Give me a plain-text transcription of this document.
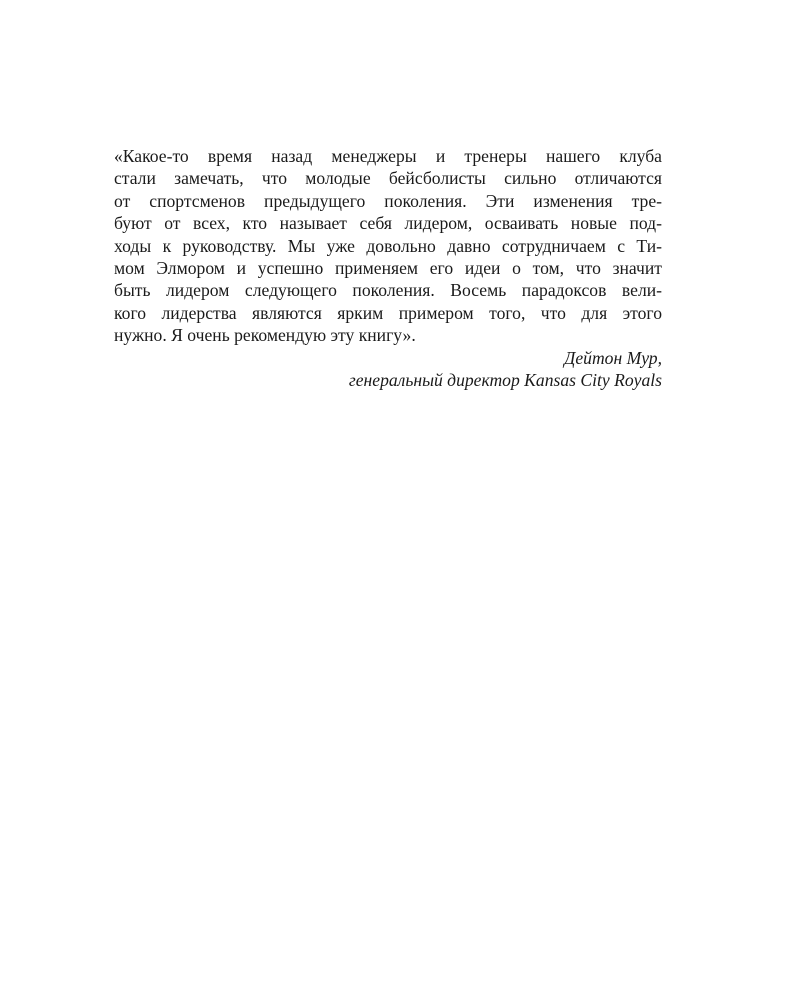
«Какое-то время назад менеджеры и тренеры нашего клуба
стали замечать, что молодые бейсболисты сильно отличаются
от спортсменов предыдущего поколения. Эти изменения тре-
буют от всех, кто называет себя лидером, осваивать новые под-
ходы к руководству. Мы уже довольно давно сотрудничаем с Ти-
мом Элмором и успешно применяем его идеи о том, что значит
быть лидером следующего поколения. Восемь парадоксов вели-
кого лидерства являются ярким примером того, что для этого
нужно. Я очень рекомендую эту книгу».
Дейтон Мур,
генеральный директор Kansas City Royals
